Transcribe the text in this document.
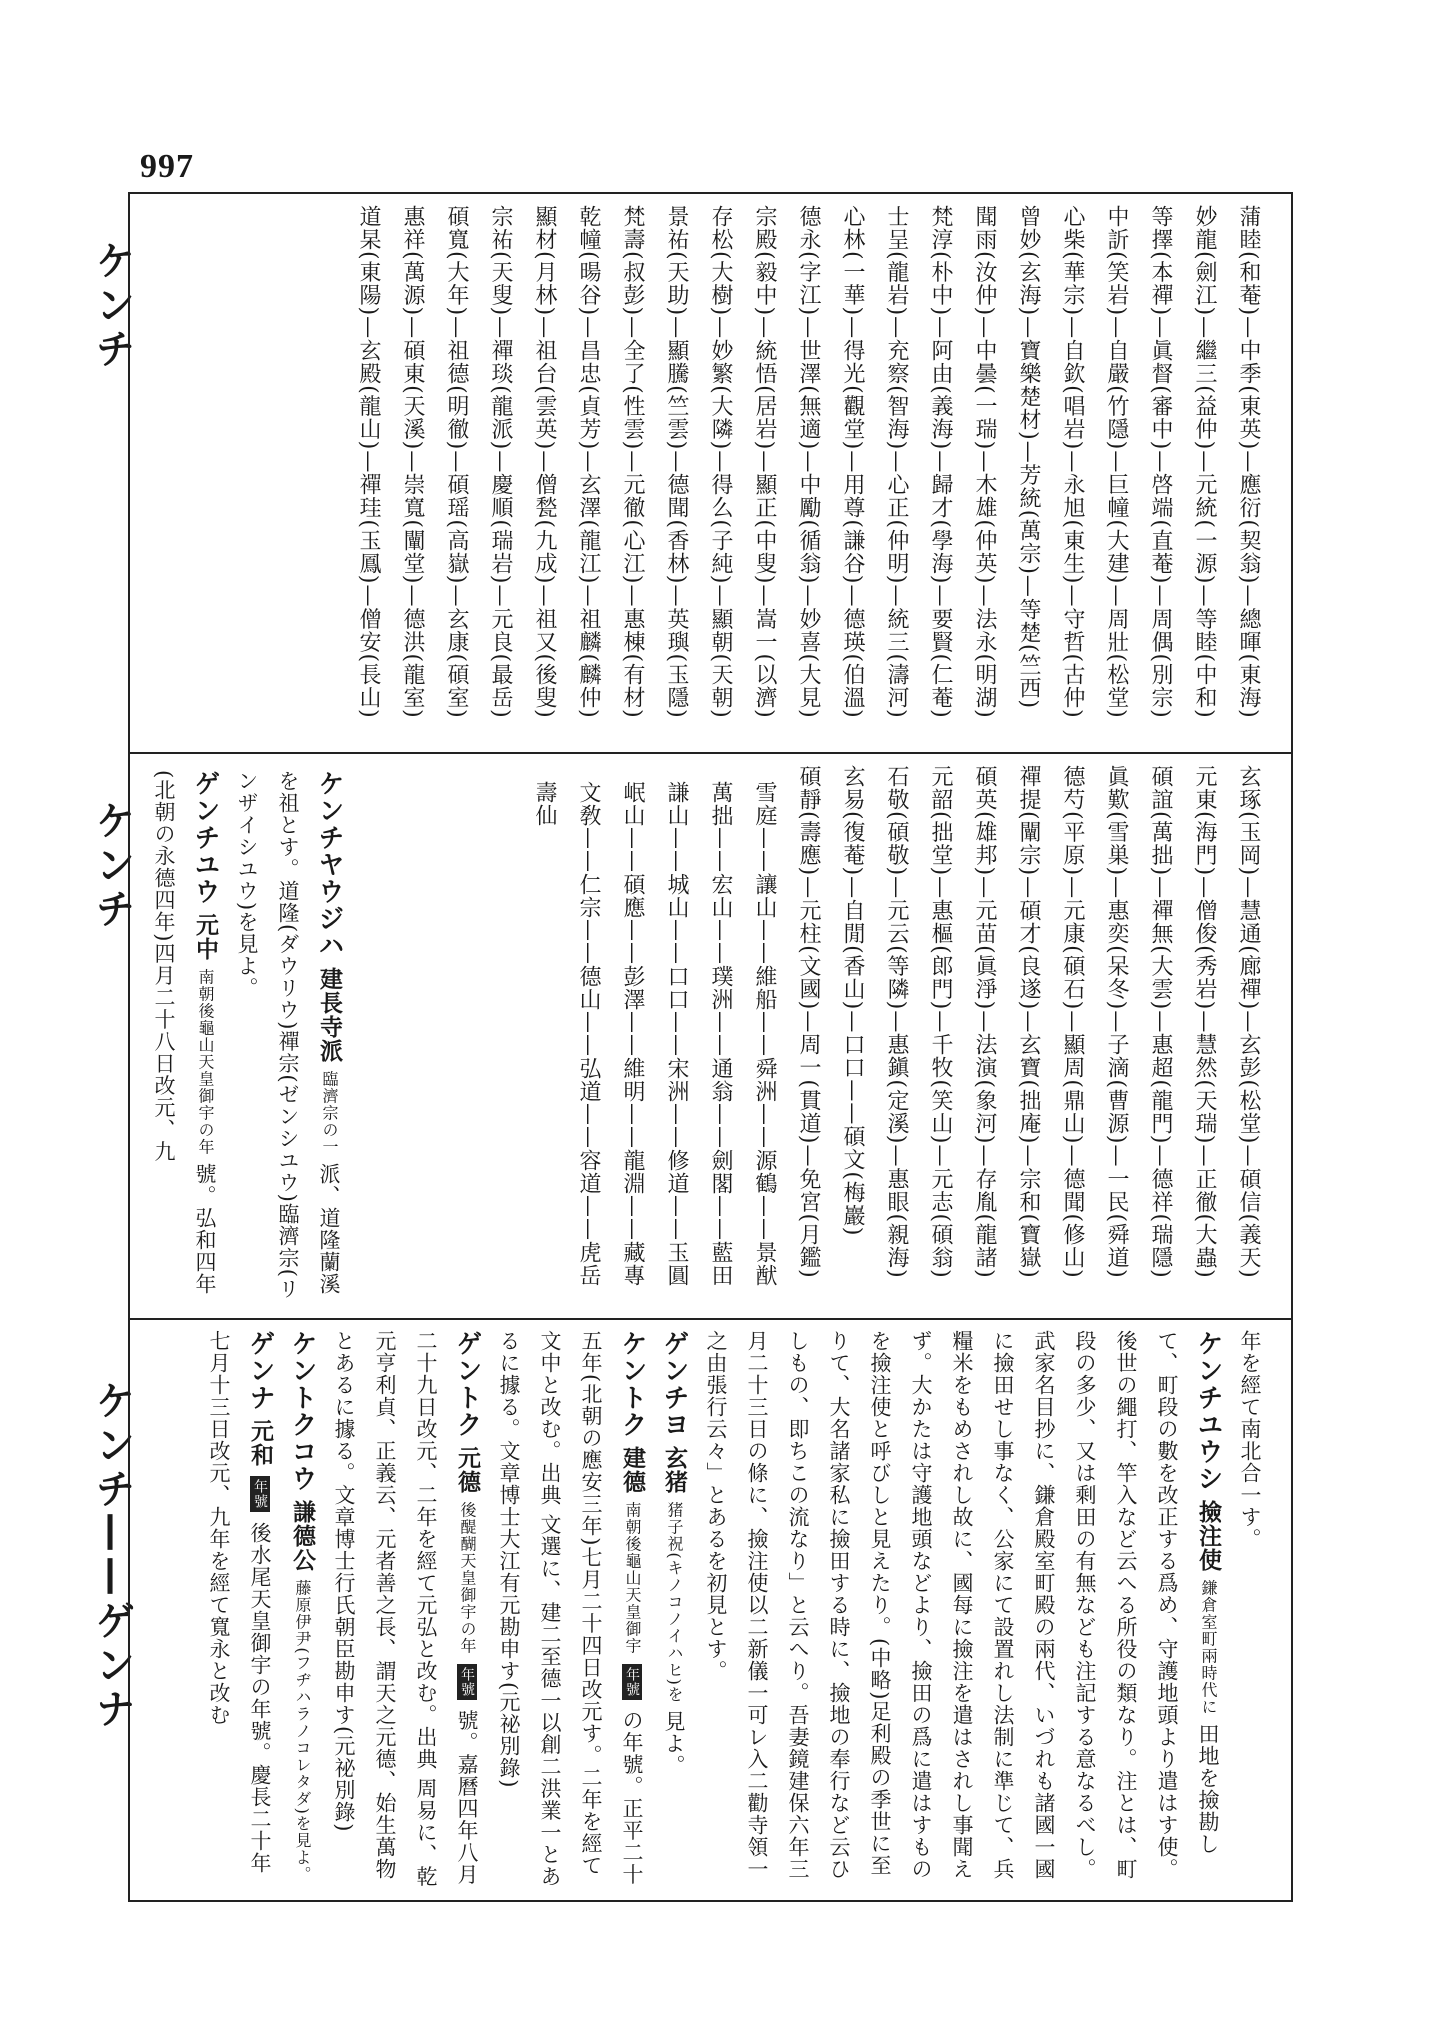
997
ケンチ
ケンチ
ケンチ——ゲンナ
蒲睦(和菴)—中季(東英)—應衍(契翁)—總暉(東海)
妙龍(劍江)—繼三(益仲)—元統(一源)—等睦(中和)
等擇(本禪)—眞督(審中)—啓端(直菴)—周偶(別宗)
中訢(笑岩)—自嚴(竹隱)—巨幢(大建)—周壯(松堂)
心柴(華宗)—自欽(唱岩)—永旭(東生)—守哲(古仲)
曾妙(玄海)—寶樂楚材)—芳統(萬宗)—等楚(竺西)
聞雨(汝仲)—中曇(一瑞)—木雄(仲英)—法永(明湖)
梵淳(朴中)—阿由(義海)—歸才(學海)—要賢(仁菴)
士呈(龍岩)—充察(智海)—心正(仲明)—統三(濤河)
心林(一華)—得光(觀堂)—用尊(謙谷)—德瑛(伯溫)
德永(字江)—世澤(無適)—中勵(循翁)—妙喜(大見)
宗殿(毅中)—統悟(居岩)—顯正(中叟)—嵩一(以濟)
存松(大樹)—妙繁(大隣)—得么(子純)—顯朝(天朝)
景祐(天助)—顯騰(竺雲)—德聞(香林)—英璵(玉隱)
梵壽(叔彭)—全了(性雲)—元徹(心江)—惠棟(有材)
乾幢(暘谷)—昌忠(貞芳)—玄澤(龍江)—祖麟(麟仲)
顯材(月林)—祖台(雲英)—僧甃(九成)—祖又(後叟)
宗祐(天叟)—禪琰(龍派)—慶順(瑞岩)—元良(最岳)
碩寬(大年)—祖德(明徹)—碩瑶(高嶽)—玄康(碩室)
惠祥(萬源)—碩東(天溪)—崇寬(闡堂)—德洪(龍室)
道杲(東陽)—玄殿(龍山)—禪珪(玉鳳)—僧安(長山)
玄琢(玉岡)—慧通(廊禪)—玄彭(松堂)—碩信(義天)
元東(海門)—僧俊(秀岩)—慧然(天瑞)—正徹(大蟲)
碩誼(萬拙)—禪無(大雲)—惠超(龍門)—德祥(瑞隱)
眞歎(雪巣)—惠奕(呆冬)—子滴(曹源)—一民(舜道)
德芍(平原)—元康(碩石)—顯周(鼎山)—德聞(修山)
禪提(闡宗)—碩才(良遂)—玄寶(拙庵)—宗和(寶嶽)
碩英(雄邦)—元苗(眞淨)—法演(象河)—存胤(龍諸)
元韶(拙堂)—惠樞(郎門)—千牧(笑山)—元志(碩翁)
石敬(碩敬)—元云(等隣)—惠鎭(定溪)—惠眼(親海)
玄易(復菴)—自閒(香山)—口口——碩文(梅巖)
碩靜(壽應)—元柱(文國)—周一(貫道)—免宮(月鑑)
雪庭——讓山——維船——舜洲——源鶴——景猷
萬拙——宏山——璞洲——通翁——劍閣——藍田
謙山——城山——口口——宋洲——修道——玉圓
岷山——碩應——彭澤——維明——龍淵——藏專
文敎——仁宗——德山——弘道——容道——虎岳
壽仙
ケンチヤウジハ 建長寺派 臨濟宗の一 派、道隆蘭溪を祖とす。道隆(ダウリウ)禪宗(ゼンシユウ)臨濟宗(リンザイシユウ)を見よ。
ゲンチユウ 元中 南朝後龜山天皇御宇の年 號。弘和四年(北朝の永德四年)四月二十八日改元、九
年を經て南北合一す。
ケンチユウシ 撿注使 鎌倉室町兩時代に 田地を撿勘して、町段の數を改正する爲め、守護地頭より遣はす使。後世の繩打、竿入など云へる所役の類なり。注とは、町段の多少、又は剩田の有無なども注記する意なるべし。武家名目抄に、鎌倉殿室町殿の兩代、いづれも諸國一國に撿田せし事なく、公家にて設置れし法制に準じて、兵糧米をもめされし故に、國每に撿注を遣はされし事聞えず。大かたは守護地頭などより、撿田の爲に遣はすものを撿注使と呼びしと見えたり。(中略)足利殿の季世に至りて、大名諸家私に撿田する時に、撿地の奉行など云ひしもの、即ちこの流なり」と云へり。吾妻鏡建保六年三月二十三日の條に、撿注使以二新儀一可レ入二勸寺領一之由張行云々」とあるを初見とす。
ゲンチヨ 玄猪 猪子祝(キノコノイハヒ)を 見よ。
ケントク 建德 南朝後龜山天皇御宇 年號 の年號。正平二十五年(北朝の應安三年)七月二十四日改元す。二年を經て文中と改む。出典 文選に、建二至德一以創二洪業一とあるに據る。文章博士大江有元勘申す(元祕別錄)
ゲントク 元德 後醍醐天皇御宇の年 年號 號。嘉曆四年八月二十九日改元、二年を經て元弘と改む。出典 周易に、乾元亨利貞、正義云、元者善之長、謂天之元德、始生萬物とあるに據る。文章博士行氏朝臣勘申す(元祕別錄)
ケントクコウ 謙德公 藤原伊尹(フヂハラノコレタダ)を見よ。
ゲンナ 元和 年號 後水尾天皇御宇の年號。慶長二十年七月十三日改元、九年を經て寬永と改む
